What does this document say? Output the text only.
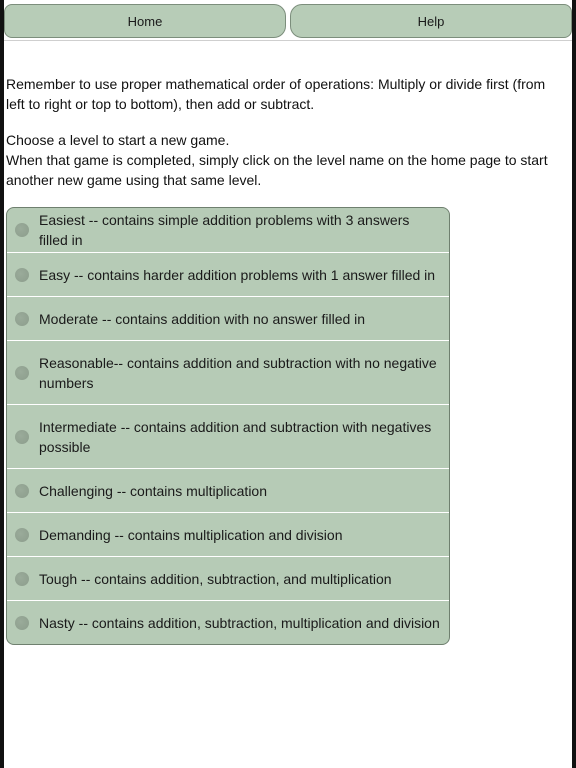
Home	Help

Remember to use proper mathematical order of operations: Multiply or divide first (from left to right or top to bottom), then add or subtract.

Choose a level to start a new game.

When that game is completed, simply click on the level name on the home page to start another new game using that same level.

Easiest -- contains simple addition problems with 3 answers filled in
Easy -- contains harder addition problems with 1 answer filled in
Moderate -- contains addition with no answer filled in
Reasonable-- contains addition and subtraction with no negative numbers
Intermediate -- contains addition and subtraction with negatives possible
Challenging -- contains multiplication
Demanding -- contains multiplication and division
Tough -- contains addition, subtraction, and multiplication
Nasty -- contains addition, subtraction, multiplication and division
